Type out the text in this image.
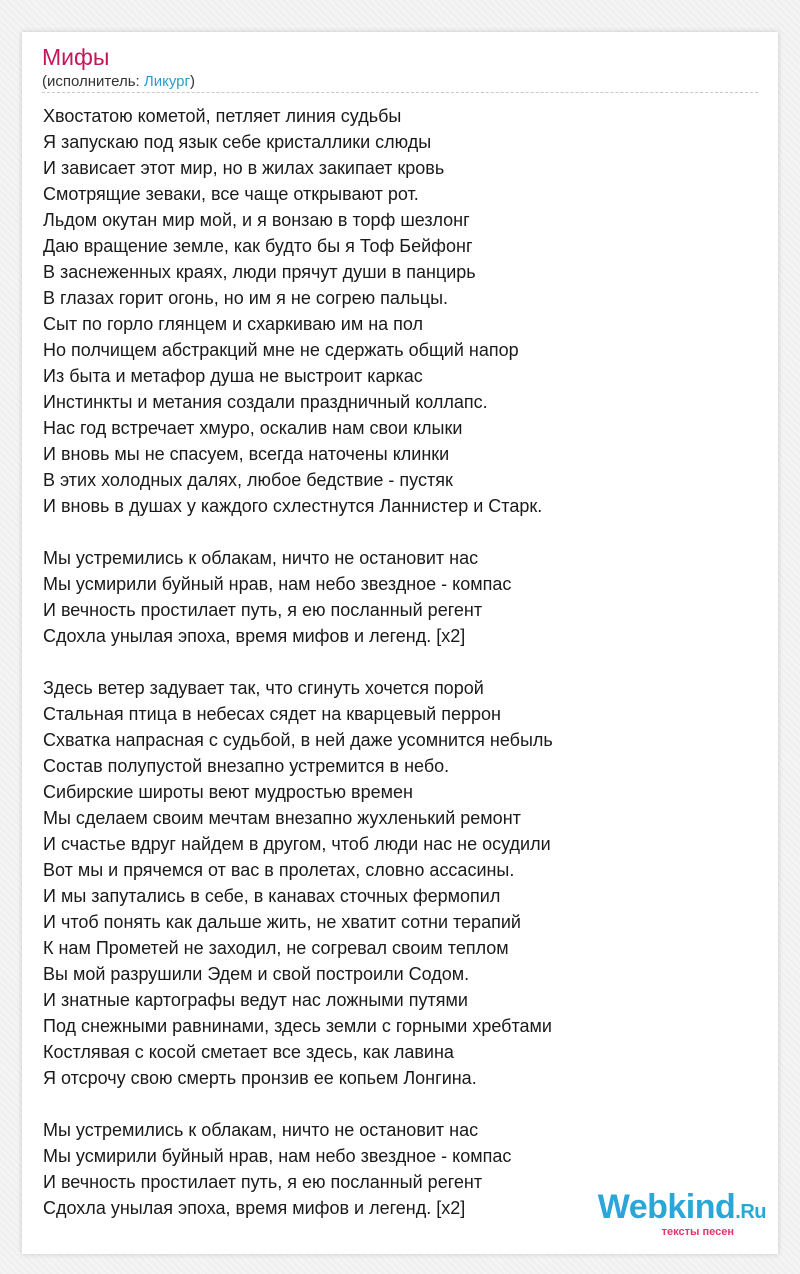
Мифы
(исполнитель: Ликург)
Хвостатою кометой, петляет линия судьбы
Я запускаю под язык себе кристаллики слюды
И зависает этот мир, но в жилах закипает кровь
Смотрящие зеваки, все чаще открывают рот.
Льдом окутан мир мой, и я вонзаю в торф шезлонг
Даю вращение земле, как будто бы я Тоф Бейфонг
В заснеженных краях, люди прячут души в панцирь
В глазах горит огонь, но им я не согрею пальцы.
Сыт по горло глянцем и схаркиваю им на пол
Но полчищем абстракций мне не сдержать общий напор
Из быта и метафор душа не выстроит каркас
Инстинкты и метания создали праздничный коллапс.
Нас год встречает хмуро, оскалив нам свои клыки
И вновь мы не спасуем, всегда наточены клинки
В этих холодных далях, любое бедствие - пустяк
И вновь в душах у каждого схлестнутся Ланнистер и Старк.
Мы устремились к облакам, ничто не остановит нас
Мы усмирили буйный нрав, нам небо звездное - компас
И вечность простилает путь, я ею посланный регент
Сдохла унылая эпоха, время мифов и легенд. [x2]
Здесь ветер задувает так, что сгинуть хочется порой
Стальная птица в небесах сядет на кварцевый перрон
Схватка напрасная с судьбой, в ней даже усомнится небыль
Состав полупустой внезапно устремится в небо.
Сибирские широты веют мудростью времен
Мы сделаем своим мечтам внезапно жухленький ремонт
И счастье вдруг найдем в другом, чтоб люди нас не осудили
Вот мы и прячемся от вас в пролетах, словно ассасины.
И мы запутались в себе, в канавах сточных фермопил
И чтоб понять как дальше жить, не хватит сотни терапий
К нам Прометей не заходил, не согревал своим теплом
Вы мой разрушили Эдем и свой построили Содом.
И знатные картографы ведут нас ложными путями
Под снежными равнинами, здесь земли с горными хребтами
Костлявая с косой сметает все здесь, как лавина
Я отсрочу свою смерть пронзив ее копьем Лонгина.
Мы устремились к облакам, ничто не остановит нас
Мы усмирили буйный нрав, нам небо звездное - компас
И вечность простилает путь, я ею посланный регент
Сдохла унылая эпоха, время мифов и легенд. [x2]	Webkind.Ru
тексты песен
